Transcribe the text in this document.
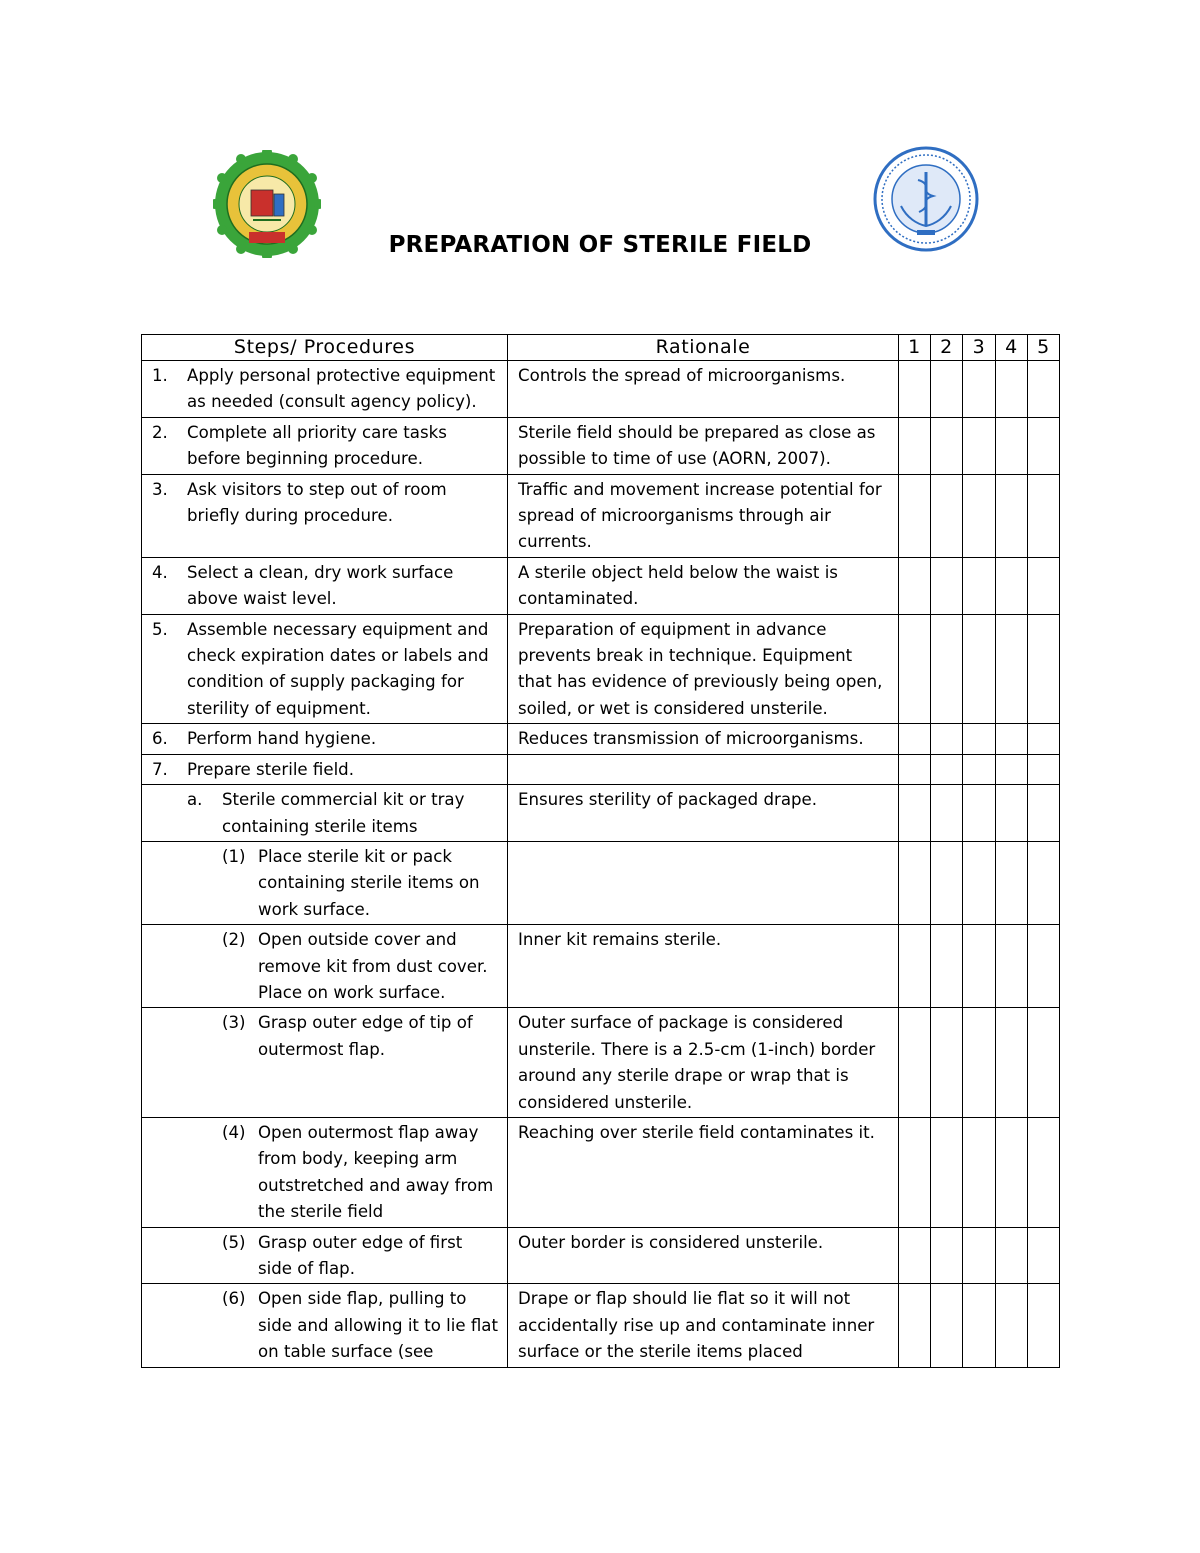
PREPARATION OF STERILE FIELD
Steps/ Procedures	Rationale	1	2	3	4	5

1. Apply personal protective equipment as needed (consult agency policy).	Controls the spread of microorganisms.					

2. Complete all priority care tasks before beginning procedure.	Sterile field should be prepared as close as possible to time of use (AORN, 2007).					

3. Ask visitors to step out of room briefly during procedure.	Traffic and movement increase potential for spread of microorganisms through air currents.					

4. Select a clean, dry work surface above waist level.	A sterile object held below the waist is contaminated.					

5. Assemble necessary equipment and check expiration dates or labels and condition of supply packaging for sterility of equipment.	Preparation of equipment in advance prevents break in technique. Equipment that has evidence of previously being open, soiled, or wet is considered unsterile.					

6. Perform hand hygiene.	Reduces transmission of microorganisms.					

7. Prepare sterile field.						

a. Sterile commercial kit or tray containing sterile items	Ensures sterility of packaged drape.					

(1) Place sterile kit or pack containing sterile items on work surface.						

(2) Open outside cover and remove kit from dust cover. Place on work surface.	Inner kit remains sterile.					

(3) Grasp outer edge of tip of outermost flap.	Outer surface of package is considered unsterile. There is a 2.5-cm (1-inch) border around any sterile drape or wrap that is considered unsterile.					

(4) Open outermost flap away from body, keeping arm outstretched and away from the sterile field	Reaching over sterile field contaminates it.					

(5) Grasp outer edge of first side of flap.	Outer border is considered unsterile.					

(6) Open side flap, pulling to side and allowing it to lie flat on table surface (see	Drape or flap should lie flat so it will not accidentally rise up and contaminate inner surface or the sterile items placed					
